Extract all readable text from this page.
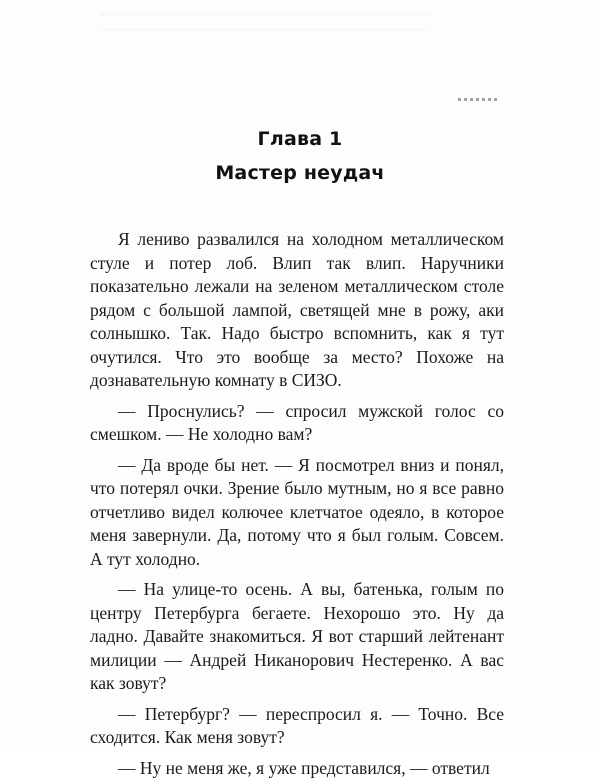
Глава 1
Мастер неудач

Я лениво развалился на холодном металлическом стуле и потер лоб. Влип так влип. Наручники показательно лежали на зеленом металлическом столе рядом с большой лампой, светящей мне в рожу, аки солнышко. Так. Надо быстро вспомнить, как я тут очутился. Что это вообще за место? Похоже на дознавательную комнату в СИЗО.

— Проснулись? — спросил мужской голос со смешком. — Не холодно вам?

— Да вроде бы нет. — Я посмотрел вниз и понял, что потерял очки. Зрение было мутным, но я все равно отчетливо видел колючее клетчатое одеяло, в которое меня завернули. Да, потому что я был голым. Совсем. А тут холодно.

— На улице-то осень. А вы, батенька, голым по центру Петербурга бегаете. Нехорошо это. Ну да ладно. Давайте знакомиться. Я вот старший лейтенант милиции — Андрей Никанорович Нестеренко. А вас как зовут?

— Петербург? — переспросил я. — Точно. Все сходится. Как меня зовут?

— Ну не меня же, я уже представился, — ответил
